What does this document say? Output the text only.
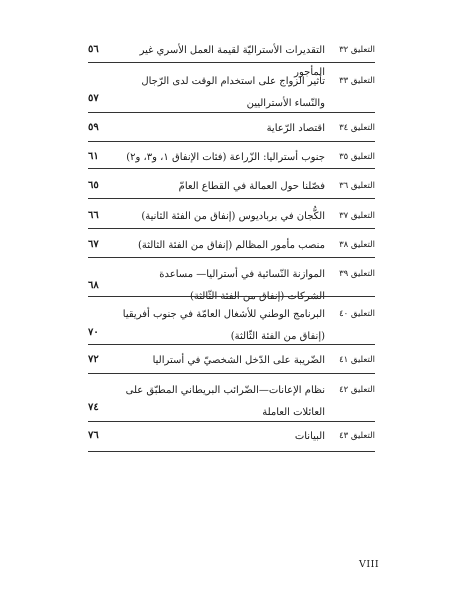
التعليق ٣٢
التقديرات الأستراليّة لقيمة العمل الأسري غير المأجور
٥٦
التعليق ٣٣
تأثير الزواج على استخدام الوقت لدى الرّجال والنّساء الأستراليين
٥٧
التعليق ٣٤
اقتصاد الرّعاية
٥٩
التعليق ٣٥
جنوب أستراليا: الزّراعة (فئات الإنفاق ١، و٣، و٢)
٦١
التعليق ٣٦
فصّلنا حول العمالة في القطاع العامّ
٦٥
التعليق ٣٧
الكُّجان في برباديوس (إنفاق من الفئة الثانية)
٦٦
التعليق ٣٨
منصب مأمور المظالم (إنفاق من الفئة الثالثة)
٦٧
التعليق ٣٩
الموازنة النّسائية في أستراليا— مساعدة الشركات (إنفاق من الفئة الثّالثة)
٦٨
التعليق ٤٠
البرنامج الوطني للأشغال العامّة في جنوب أفريقيا (إنفاق من الفئة الثّالثة)
٧٠
التعليق ٤١
الضّريبة على الدّخل الشخصيّ في أستراليا
٧٢
التعليق ٤٢
نظام الإعانات—الضّرائب البريطاني المطبّق على العائلات العاملة
٧٤
التعليق ٤٣
البيانات
٧٦
VIII
